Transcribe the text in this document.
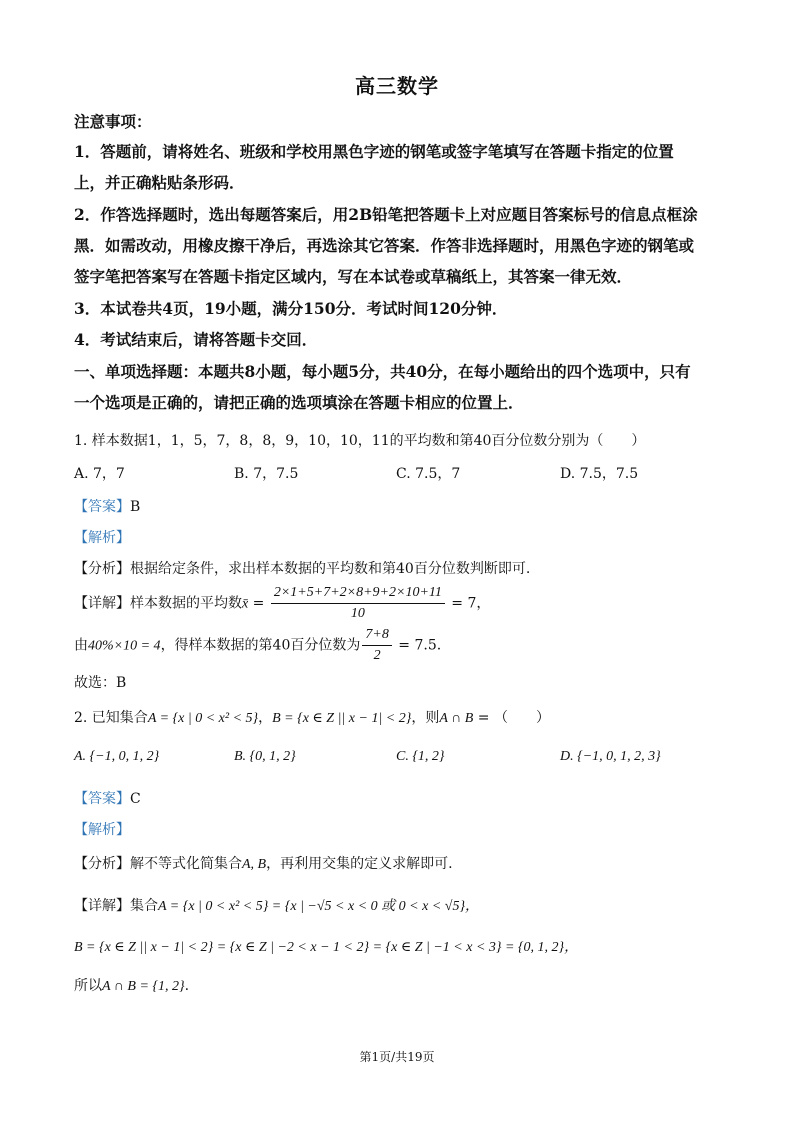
高三数学
注意事项：
1．答题前，请将姓名、班级和学校用黑色字迹的钢笔或签字笔填写在答题卡指定的位置
上，并正确粘贴条形码．
2．作答选择题时，选出每题答案后，用2B铅笔把答题卡上对应题目答案标号的信息点框涂
黑．如需改动，用橡皮擦干净后，再选涂其它答案．作答非选择题时，用黑色字迹的钢笔或
签字笔把答案写在答题卡指定区域内，写在本试卷或草稿纸上，其答案一律无效．
3．本试卷共4页，19小题，满分150分．考试时间120分钟．
4．考试结束后，请将答题卡交回．
一、单项选择题：本题共8小题，每小题5分，共40分，在每小题给出的四个选项中，只有
一个选项是正确的，请把正确的选项填涂在答题卡相应的位置上．
1. 样本数据1，1，5，7，8，8，9，10，10，11的平均数和第40百分位数分别为（　　）
A. 7，7	B. 7，7.5	C. 7.5，7	D. 7.5，7.5
【答案】B
【解析】
【分析】根据给定条件，求出样本数据的平均数和第40百分位数判断即可.
【详解】样本数据的平均数x̄ = $\frac{2\times 1+5+7+2\times 8+9+2\times 10+11}{10} = 7$，
由40%×10 = 4，得样本数据的第40百分位数为 $\frac{7+8}{2} = 7.5$.
故选：B
2. 已知集合A = {x | 0 < x² < 5}，B = {x ∈ Z || x − 1| < 2}，则A ∩ B = （　　）
A. {−1, 0, 1, 2}	B. {0, 1, 2}	C. {1, 2}	D. {−1, 0, 1, 2, 3}
【答案】C
【解析】
【分析】解不等式化简集合A, B，再利用交集的定义求解即可.
【详解】集合A = {x | 0 < x² < 5} = {x | −√5 < x < 0 或 0 < x < √5}，
B = {x ∈ Z || x − 1| < 2} = {x ∈ Z | −2 < x − 1 < 2} = {x ∈ Z | −1 < x < 3} = {0, 1, 2}，
所以A ∩ B = {1, 2}.
第1页/共19页
